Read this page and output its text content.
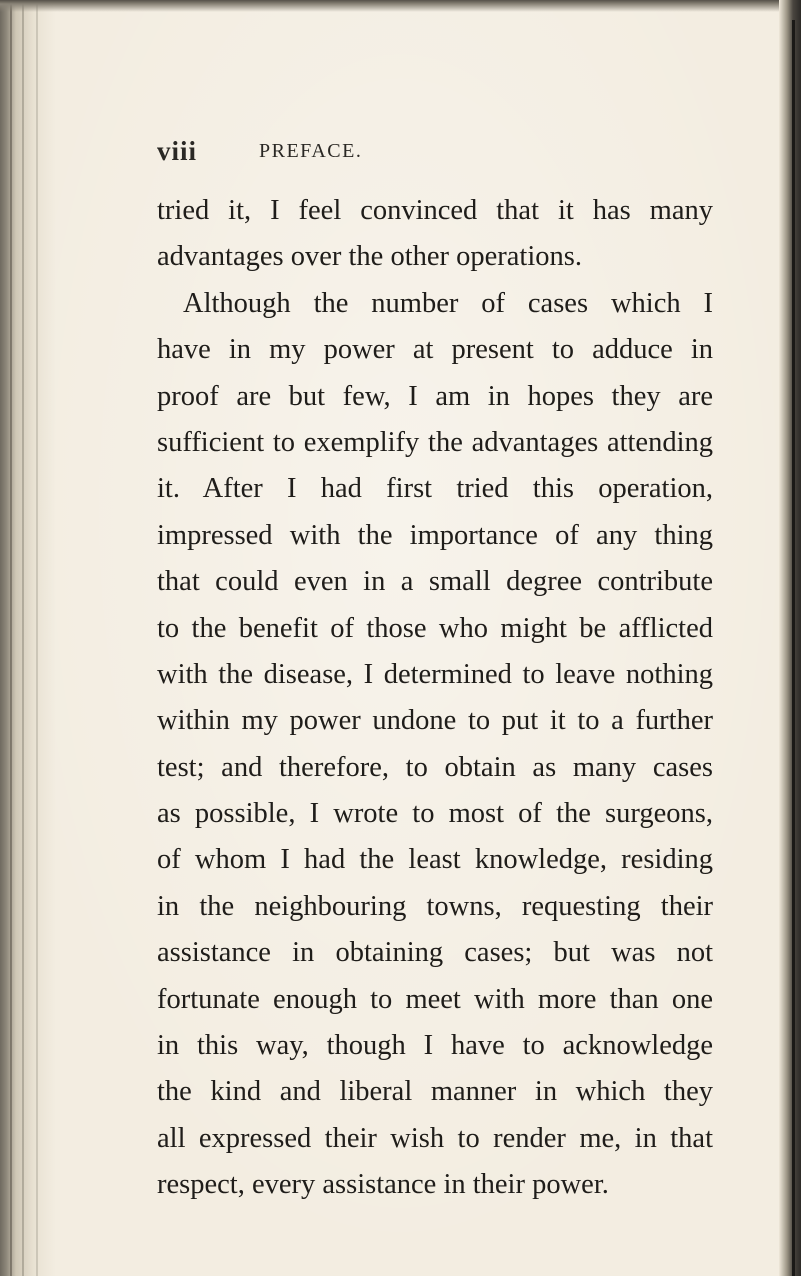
viii	PREFACE.
tried it, I feel convinced that it has many
advantages over the other operations.
Although the number of cases which I
have in my power at present to adduce in
proof are but few, I am in hopes they are
sufficient to exemplify the advantages attending
it. After I had first tried this operation,
impressed with the importance of any thing
that could even in a small degree contribute
to the benefit of those who might be afflicted
with the disease, I determined to leave nothing
within my power undone to put it to a further
test; and therefore, to obtain as many cases
as possible, I wrote to most of the surgeons,
of whom I had the least knowledge, residing
in the neighbouring towns, requesting their
assistance in obtaining cases; but was not
fortunate enough to meet with more than one
in this way, though I have to acknowledge
the kind and liberal manner in which they
all expressed their wish to render me, in that
respect, every assistance in their power.
